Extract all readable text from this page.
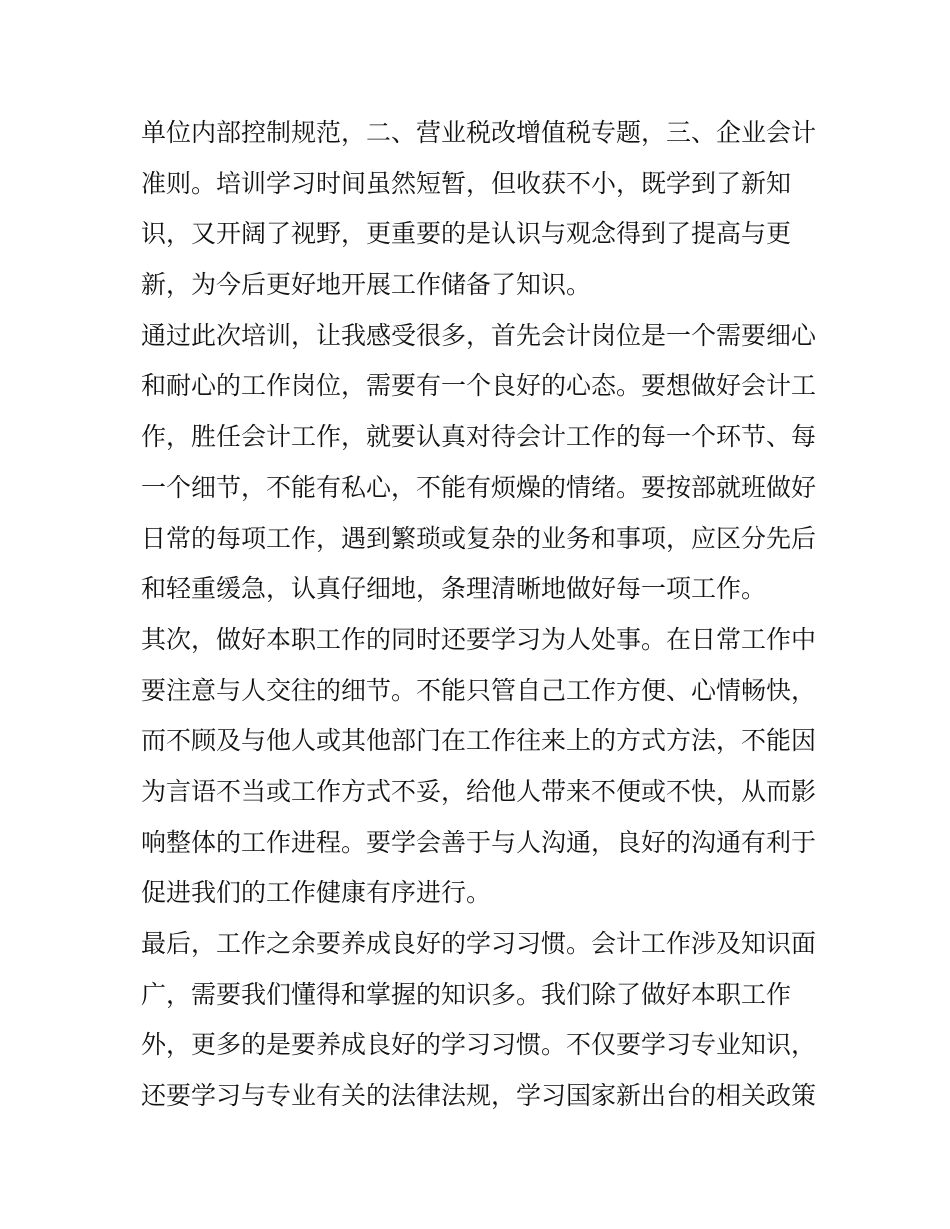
单位内部控制规范，二、营业税改增值税专题，三、企业会计
准则。培训学习时间虽然短暂，但收获不小，既学到了新知
识，又开阔了视野，更重要的是认识与观念得到了提高与更
新，为今后更好地开展工作储备了知识。
通过此次培训，让我感受很多，首先会计岗位是一个需要细心
和耐心的工作岗位，需要有一个良好的心态。要想做好会计工
作，胜任会计工作，就要认真对待会计工作的每一个环节、每
一个细节，不能有私心，不能有烦燥的情绪。要按部就班做好
日常的每项工作，遇到繁琐或复杂的业务和事项，应区分先后
和轻重缓急，认真仔细地，条理清晰地做好每一项工作。
其次，做好本职工作的同时还要学习为人处事。在日常工作中
要注意与人交往的细节。不能只管自己工作方便、心情畅快，
而不顾及与他人或其他部门在工作往来上的方式方法，不能因
为言语不当或工作方式不妥，给他人带来不便或不快，从而影
响整体的工作进程。要学会善于与人沟通，良好的沟通有利于
促进我们的工作健康有序进行。
最后，工作之余要养成良好的学习习惯。会计工作涉及知识面
广，需要我们懂得和掌握的知识多。我们除了做好本职工作
外，更多的是要养成良好的学习习惯。不仅要学习专业知识，
还要学习与专业有关的法律法规，学习国家新出台的相关政策
